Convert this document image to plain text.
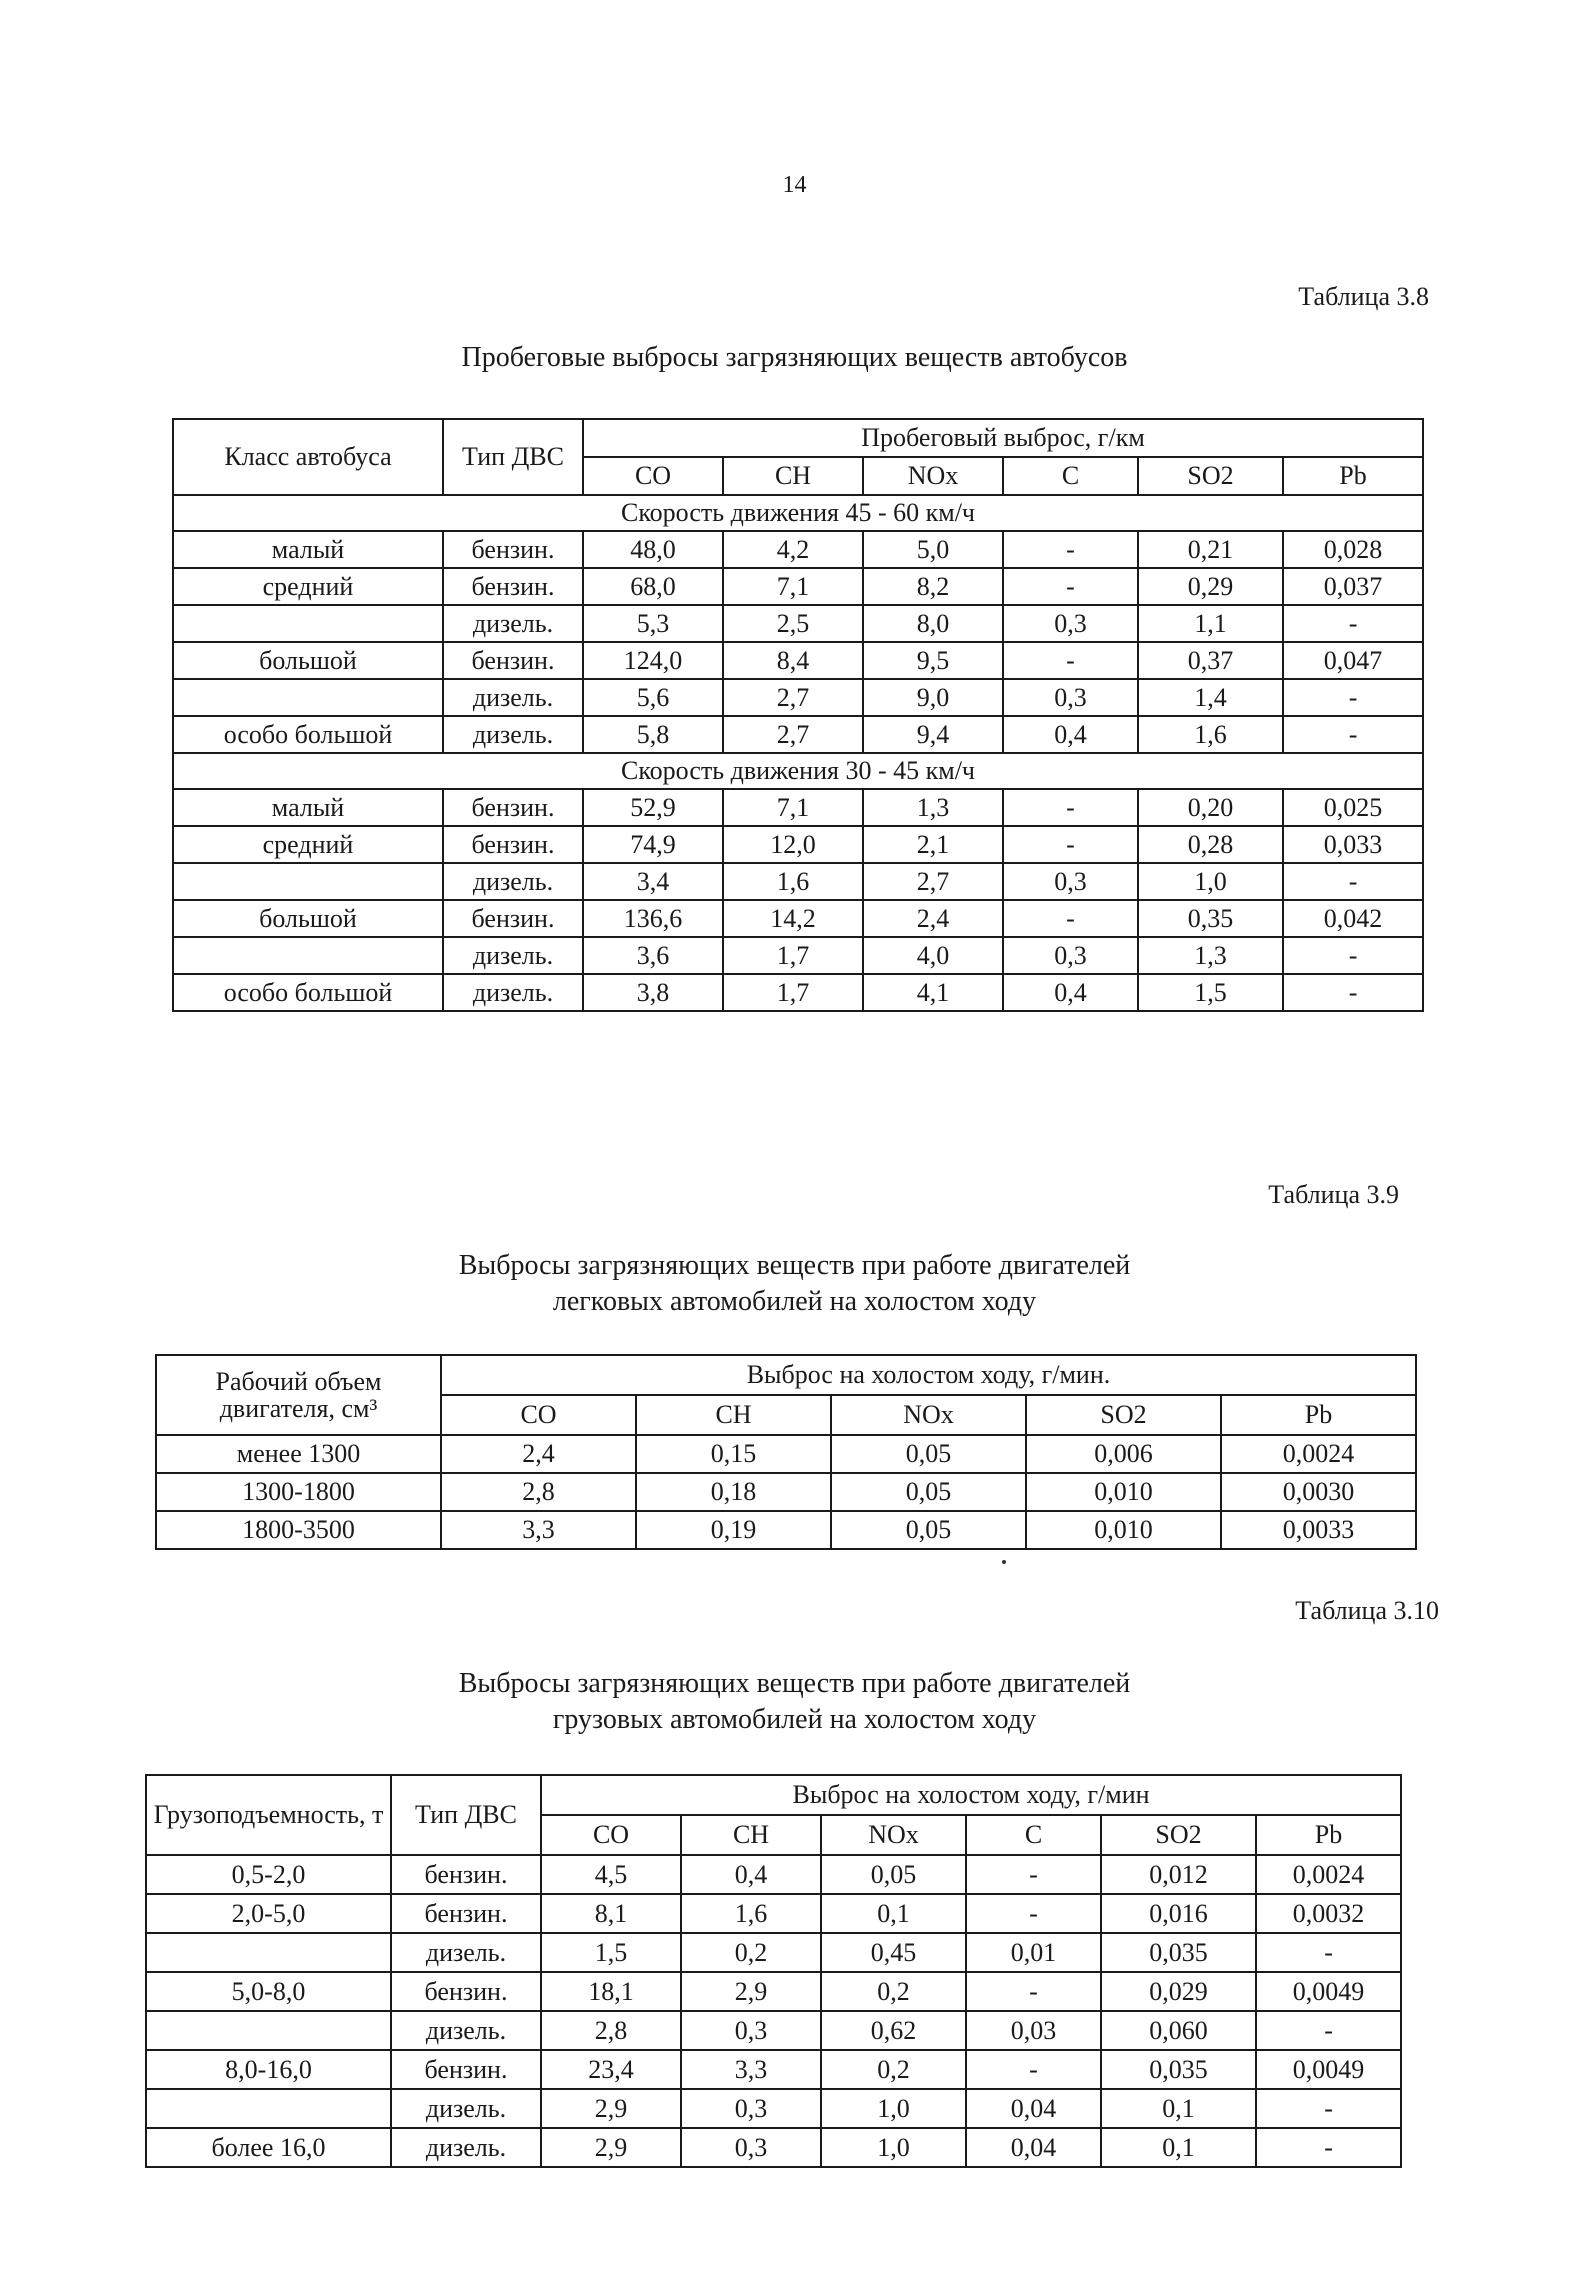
14
Таблица 3.8
Пробеговые выбросы загрязняющих веществ автобусов
Класс автобуса	Тип ДВС	Пробеговый выброс, г/км					
		CO	CH	NOx	C	SO2	Pb
Скорость движения 45 - 60 км/ч							
малый	бензин.	48,0	4,2	5,0	-	0,21	0,028
средний	бензин.	68,0	7,1	8,2	-	0,29	0,037
	дизель.	5,3	2,5	8,0	0,3	1,1	-
большой	бензин.	124,0	8,4	9,5	-	0,37	0,047
	дизель.	5,6	2,7	9,0	0,3	1,4	-
особо большой	дизель.	5,8	2,7	9,4	0,4	1,6	-
Скорость движения 30 - 45 км/ч							
малый	бензин.	52,9	7,1	1,3	-	0,20	0,025
средний	бензин.	74,9	12,0	2,1	-	0,28	0,033
	дизель.	3,4	1,6	2,7	0,3	1,0	-
большой	бензин.	136,6	14,2	2,4	-	0,35	0,042
	дизель.	3,6	1,7	4,0	0,3	1,3	-
особо большой	дизель.	3,8	1,7	4,1	0,4	1,5	-
Таблица 3.9
Выбросы загрязняющих веществ при работе двигателей
легковых автомобилей на холостом ходу
Рабочий объем двигателя, см³	Выброс на холостом ходу, г/мин.				
	CO	CH	NOx	SO2	Pb
менее 1300	2,4	0,15	0,05	0,006	0,0024
1300-1800	2,8	0,18	0,05	0,010	0,0030
1800-3500	3,3	0,19	0,05	0,010	0,0033
Таблица 3.10
Выбросы загрязняющих веществ при работе двигателей
грузовых автомобилей на холостом ходу
Грузоподъемность, т	Тип ДВС	Выброс на холостом ходу, г/мин					
		CO	CH	NOx	C	SO2	Pb
0,5-2,0	бензин.	4,5	0,4	0,05	-	0,012	0,0024
2,0-5,0	бензин.	8,1	1,6	0,1	-	0,016	0,0032
	дизель.	1,5	0,2	0,45	0,01	0,035	-
5,0-8,0	бензин.	18,1	2,9	0,2	-	0,029	0,0049
	дизель.	2,8	0,3	0,62	0,03	0,060	-
8,0-16,0	бензин.	23,4	3,3	0,2	-	0,035	0,0049
	дизель.	2,9	0,3	1,0	0,04	0,1	-
более 16,0	дизель.	2,9	0,3	1,0	0,04	0,1	-
